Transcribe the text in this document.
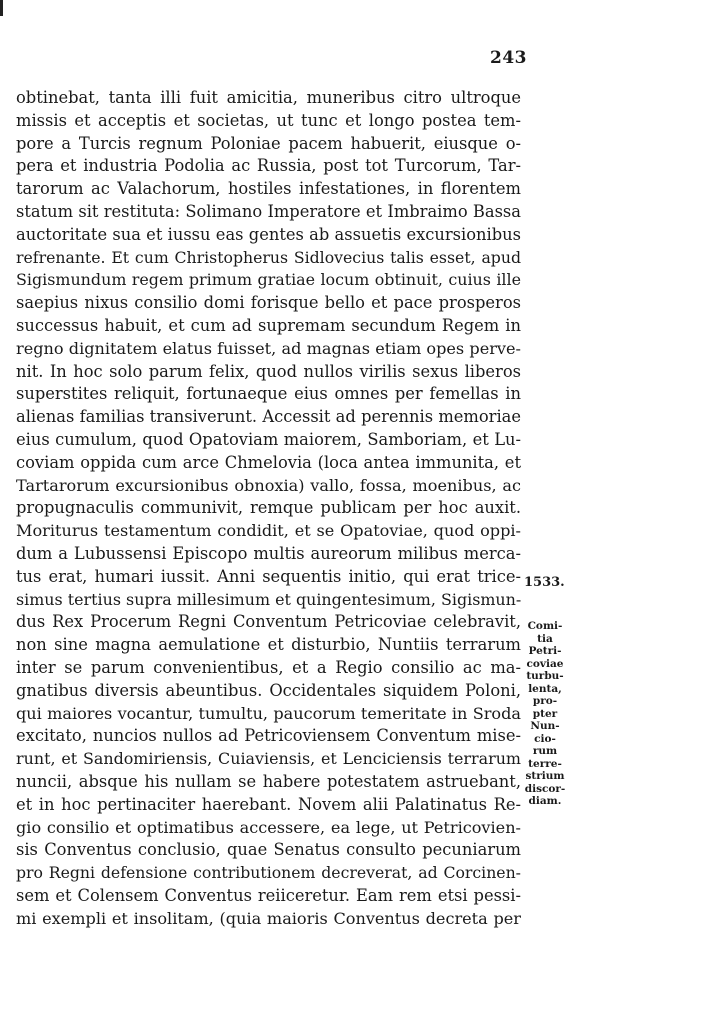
243
obtinebat, tanta illi fuit amicitia, muneribus citro ultroque
missis et acceptis et societas, ut tunc et longo postea tem-
pore a Turcis regnum Poloniae pacem habuerit, eiusque o-
pera et industria Podolia ac Russia, post tot Turcorum, Tar-
tarorum ac Valachorum, hostiles infestationes, in florentem
statum sit restituta: Solimano Imperatore et Imbraimo Bassa
auctoritate sua et iussu eas gentes ab assuetis excursionibus
refrenante. Et cum Christopherus Sidlovecius talis esset, apud
Sigismundum regem primum gratiae locum obtinuit, cuius ille
saepius nixus consilio domi forisque bello et pace prosperos
successus habuit, et cum ad supremam secundum Regem in
regno dignitatem elatus fuisset, ad magnas etiam opes perve-
nit. In hoc solo parum felix, quod nullos virilis sexus liberos
superstites reliquit, fortunaeque eius omnes per femellas in
alienas familias transiverunt. Accessit ad perennis memoriae
eius cumulum, quod Opatoviam maiorem, Samboriam, et Lu-
coviam oppida cum arce Chmelovia (loca antea immunita, et
Tartarorum excursionibus obnoxia) vallo, fossa, moenibus, ac
propugnaculis communivit, remque publicam per hoc auxit.
Moriturus testamentum condidit, et se Opatoviae, quod oppi-
dum a Lubussensi Episcopo multis aureorum milibus merca-
tus erat, humari iussit. Anni sequentis initio, qui erat trice-
simus tertius supra millesimum et quingentesimum, Sigismun-
dus Rex Procerum Regni Conventum Petricoviae celebravit,
non sine magna aemulatione et disturbio, Nuntiis terrarum
inter se parum convenientibus, et a Regio consilio ac ma-
gnatibus diversis abeuntibus. Occidentales siquidem Poloni,
qui maiores vocantur, tumultu, paucorum temeritate in Sroda
excitato, nuncios nullos ad Petricoviensem Conventum mise-
runt, et Sandomiriensis, Cuiaviensis, et Lenciciensis terrarum
nuncii, absque his nullam se habere potestatem astruebant,
et in hoc pertinaciter haerebant. Novem alii Palatinatus Re-
gio consilio et optimatibus accessere, ea lege, ut Petricovien-
sis Conventus conclusio, quae Senatus consulto pecuniarum
pro Regni defensione contributionem decreverat, ad Corcinen-
sem et Colensem Conventus reiiceretur. Eam rem etsi pessi-
mi exempli et insolitam, (quia maioris Conventus decreta per
1533.
Comi-
tia
Petri-
coviae
turbu-
lenta,
pro-
pter
Nun-
cio-
rum
terre-
strium
discor-
diam.
